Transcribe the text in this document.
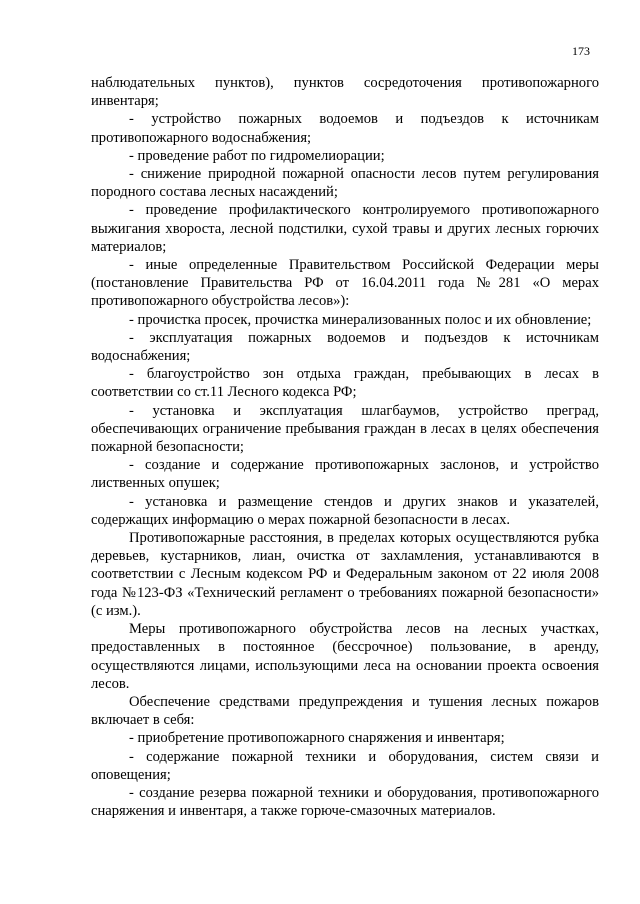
173

наблюдательных пунктов), пунктов сосредоточения противопожарного инвентаря;

- устройство пожарных водоемов и подъездов к источникам противопожарного водоснабжения;

- проведение работ по гидромелиорации;

- снижение природной пожарной опасности лесов путем регулирования породного состава лесных насаждений;

- проведение профилактического контролируемого противопожарного выжигания хвороста, лесной подстилки, сухой травы и других лесных горючих материалов;

- иные определенные Правительством Российской Федерации меры (постановление Правительства РФ от 16.04.2011 года №281 «О мерах противопожарного обустройства лесов»):

- прочистка просек, прочистка минерализованных полос и их обновление;

- эксплуатация пожарных водоемов и подъездов к источникам водоснабжения;

- благоустройство зон отдыха граждан, пребывающих в лесах в соответствии со ст.11 Лесного кодекса РФ;

- установка и эксплуатация шлагбаумов, устройство преград, обеспечивающих ограничение пребывания граждан в лесах в целях обеспечения пожарной безопасности;

- создание и содержание противопожарных заслонов, и устройство лиственных опушек;

- установка и размещение стендов и других знаков и указателей, содержащих информацию о мерах пожарной безопасности в лесах.

Противопожарные расстояния, в пределах которых осуществляются рубка деревьев, кустарников, лиан, очистка от захламления, устанавливаются в соответствии с Лесным кодексом РФ и Федеральным законом от 22 июля 2008 года №123-ФЗ «Технический регламент о требованиях пожарной безопасности» (с изм.).

Меры противопожарного обустройства лесов на лесных участках, предоставленных в постоянное (бессрочное) пользование, в аренду, осуществляются лицами, использующими леса на основании проекта освоения лесов.

Обеспечение средствами предупреждения и тушения лесных пожаров включает в себя:

- приобретение противопожарного снаряжения и инвентаря;

- содержание пожарной техники и оборудования, систем связи и оповещения;

- создание резерва пожарной техники и оборудования, противопожарного снаряжения и инвентаря, а также горюче-смазочных материалов.
